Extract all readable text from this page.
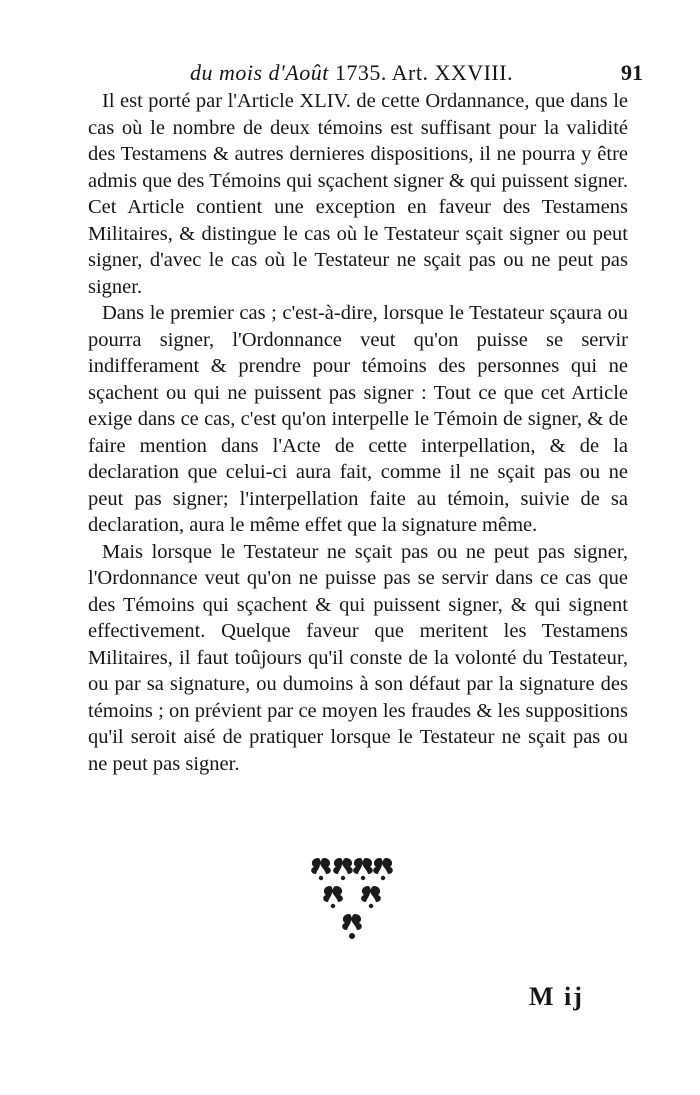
du mois d'Août 1735. Art. XXVIII.	91

Il est porté par l'Article XLIV. de cette Ordannance, que dans le cas où le nombre de deux témoins est suffisant pour la validité des Testamens & autres dernieres dispositions, il ne pourra y être admis que des Témoins qui sçachent signer & qui puissent signer. Cet Article contient une exception en faveur des Testamens Militaires, & distingue le cas où le Testateur sçait signer ou peut signer, d'avec le cas où le Testateur ne sçait pas ou ne peut pas signer.

Dans le premier cas ; c'est-à-dire, lorsque le Testateur sçaura ou pourra signer, l'Ordonnance veut qu'on puisse se servir indifferament & prendre pour témoins des personnes qui ne sçachent ou qui ne puissent pas signer : Tout ce que cet Article exige dans ce cas, c'est qu'on interpelle le Témoin de signer, & de faire mention dans l'Acte de cette interpellation, & de la declaration que celui-ci aura fait, comme il ne sçait pas ou ne peut pas signer; l'interpellation faite au témoin, suivie de sa declaration, aura le même effet que la signature même.

Mais lorsque le Testateur ne sçait pas ou ne peut pas signer, l'Ordonnance veut qu'on ne puisse pas se servir dans ce cas que des Témoins qui sçachent & qui puissent signer, & qui signent effectivement. Quelque faveur que meritent les Testamens Militaires, il faut toûjours qu'il conste de la volonté du Testateur, ou par sa signature, ou dumoins à son défaut par la signature des témoins ; on prévient par ce moyen les fraudes & les suppositions qu'il seroit aisé de pratiquer lorsque le Testateur ne sçait pas ou ne peut pas signer.

M ij
